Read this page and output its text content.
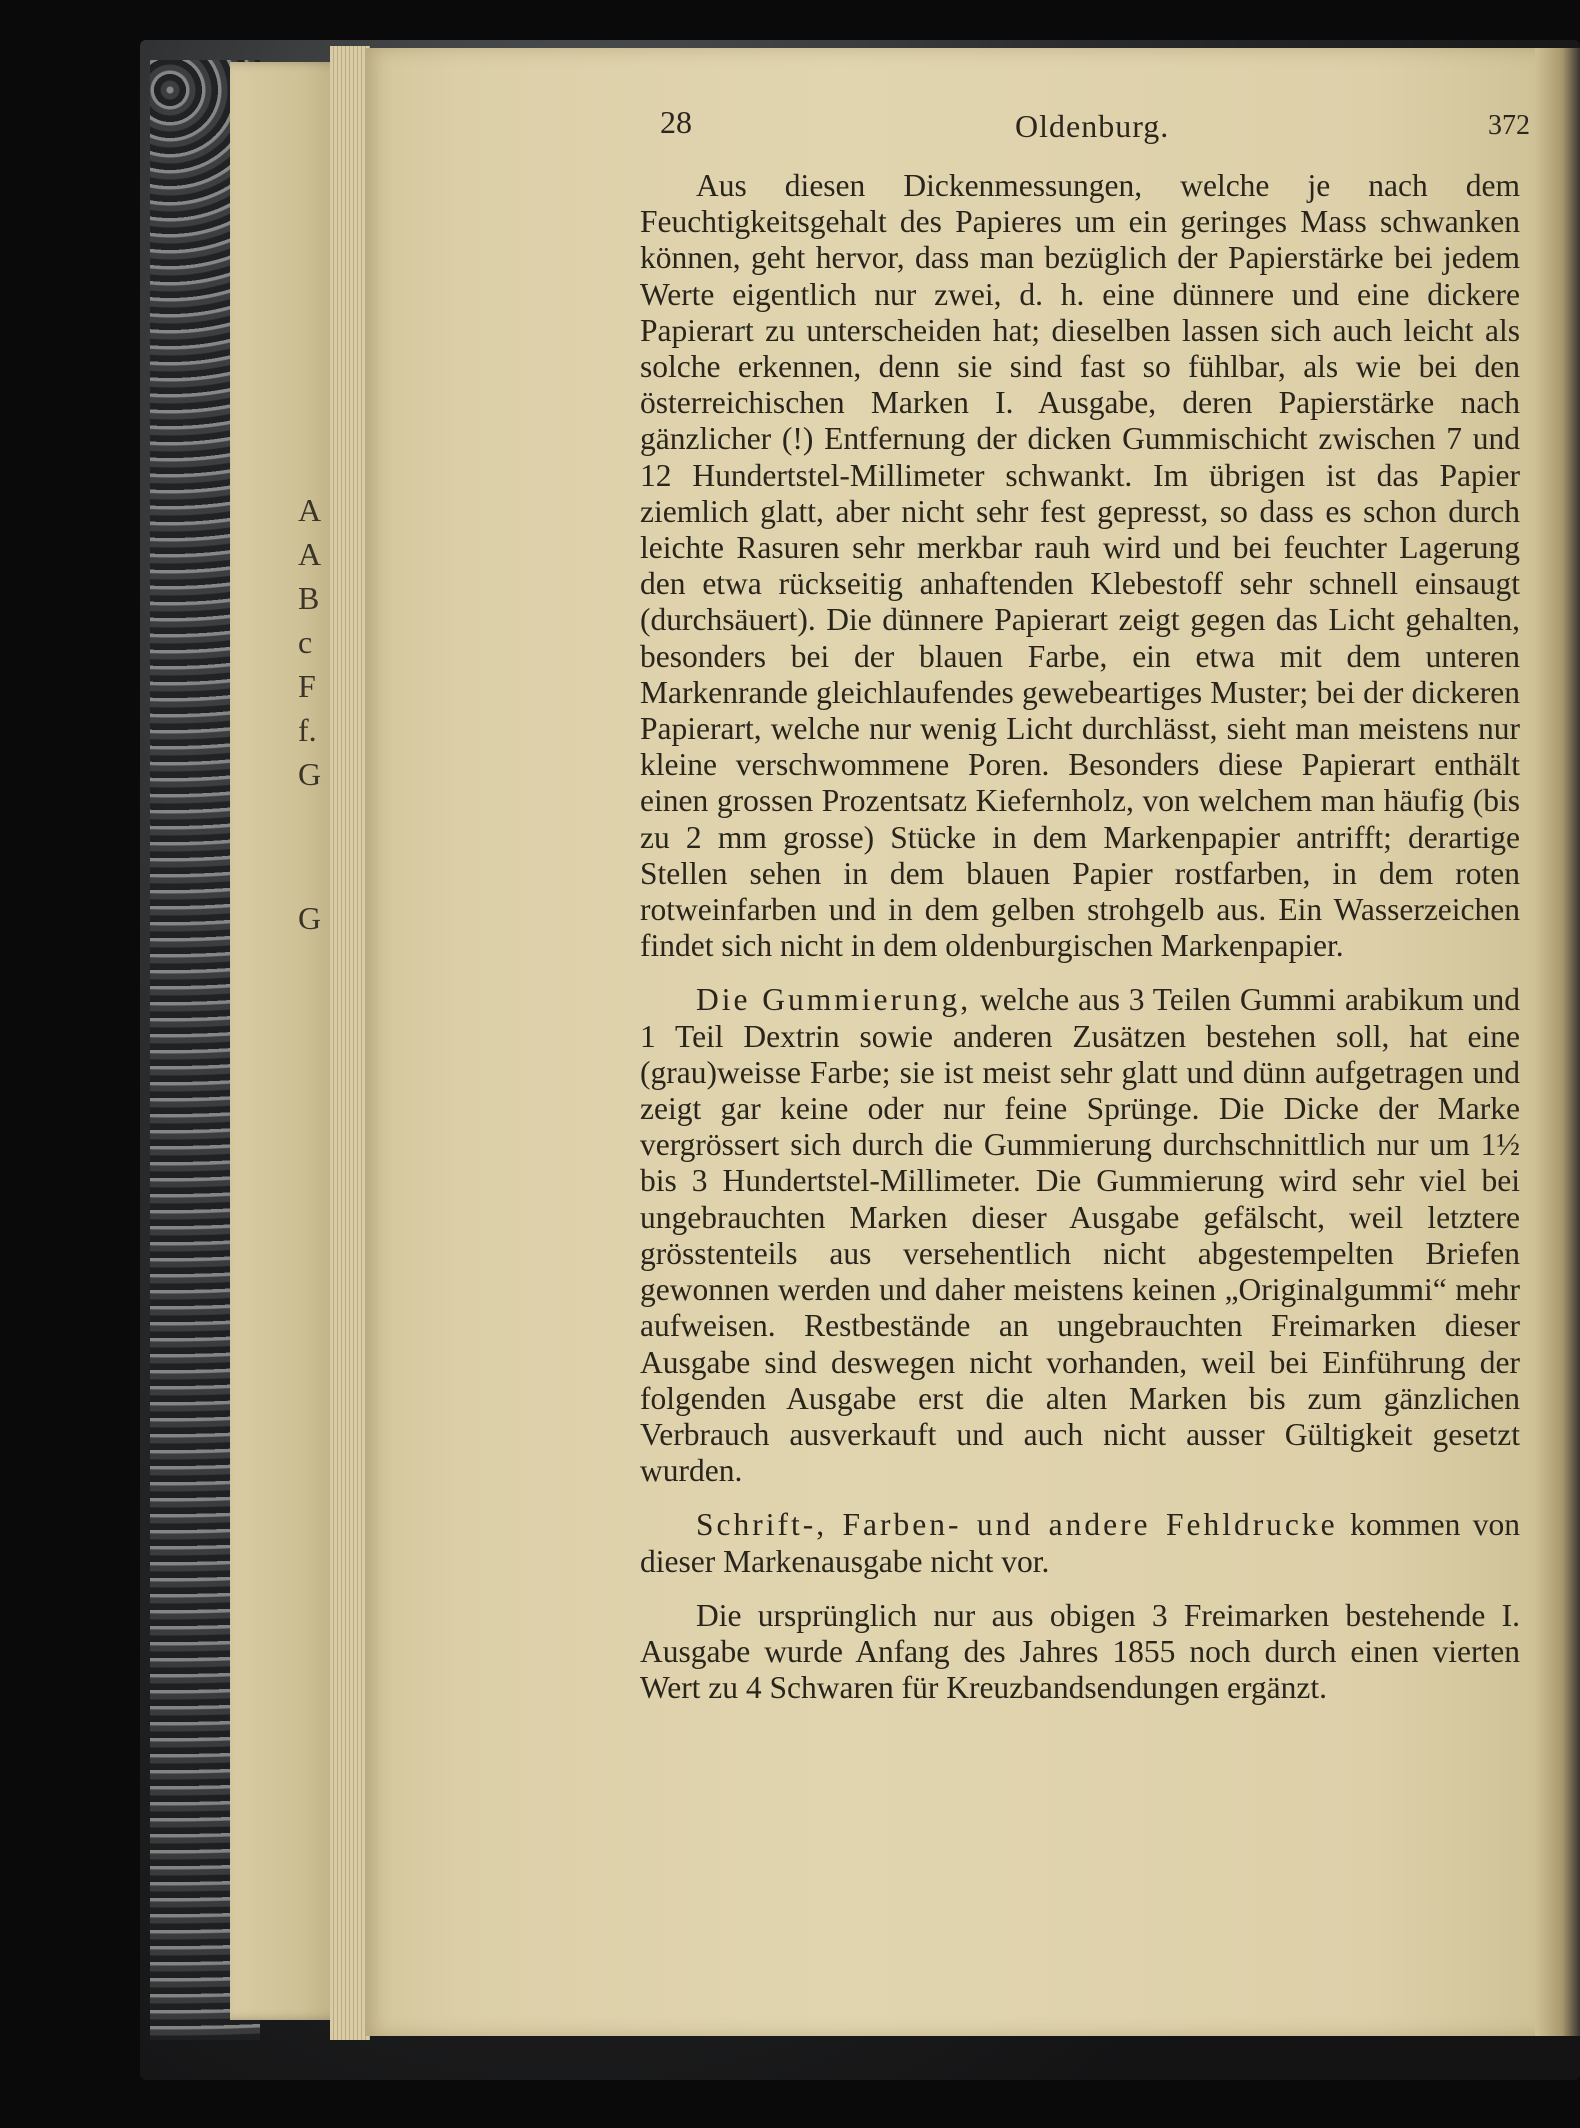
A
A
B
c
F
f.
G
G
28	Oldenburg.	372

Aus diesen Dickenmessungen, welche je nach dem Feuchtigkeitsgehalt des Papieres um ein geringes Mass schwanken können, geht hervor, dass man bezüglich der Papierstärke bei jedem Werte eigentlich nur zwei, d. h. eine dünnere und eine dickere Papierart zu unterscheiden hat; dieselben lassen sich auch leicht als solche erkennen, denn sie sind fast so fühlbar, als wie bei den österreichischen Marken I. Ausgabe, deren Papierstärke nach gänzlicher (!) Entfernung der dicken Gummischicht zwischen 7 und 12 Hundertstel-Millimeter schwankt. Im übrigen ist das Papier ziemlich glatt, aber nicht sehr fest gepresst, so dass es schon durch leichte Rasuren sehr merkbar rauh wird und bei feuchter Lagerung den etwa rückseitig anhaftenden Klebestoff sehr schnell einsaugt (durchsäuert). Die dünnere Papierart zeigt gegen das Licht gehalten, besonders bei der blauen Farbe, ein etwa mit dem unteren Markenrande gleichlaufendes gewebeartiges Muster; bei der dickeren Papierart, welche nur wenig Licht durchlässt, sieht man meistens nur kleine verschwommene Poren. Besonders diese Papierart enthält einen grossen Prozentsatz Kiefernholz, von welchem man häufig (bis zu 2 mm grosse) Stücke in dem Markenpapier antrifft; derartige Stellen sehen in dem blauen Papier rostfarben, in dem roten rotweinfarben und in dem gelben strohgelb aus. Ein Wasserzeichen findet sich nicht in dem oldenburgischen Markenpapier.

Die Gummierung, welche aus 3 Teilen Gummi arabikum und 1 Teil Dextrin sowie anderen Zusätzen bestehen soll, hat eine (grau)weisse Farbe; sie ist meist sehr glatt und dünn aufgetragen und zeigt gar keine oder nur feine Sprünge. Die Dicke der Marke vergrössert sich durch die Gummierung durchschnittlich nur um 1½ bis 3 Hundertstel-Millimeter. Die Gummierung wird sehr viel bei ungebrauchten Marken dieser Ausgabe gefälscht, weil letztere grösstenteils aus versehentlich nicht abgestempelten Briefen gewonnen werden und daher meistens keinen „Originalgummi“ mehr aufweisen. Restbestände an ungebrauchten Freimarken dieser Ausgabe sind deswegen nicht vorhanden, weil bei Einführung der folgenden Ausgabe erst die alten Marken bis zum gänzlichen Verbrauch ausverkauft und auch nicht ausser Gültigkeit gesetzt wurden.

Schrift-, Farben- und andere Fehldrucke kommen von dieser Markenausgabe nicht vor.

Die ursprünglich nur aus obigen 3 Freimarken bestehende I. Ausgabe wurde Anfang des Jahres 1855 noch durch einen vierten Wert zu 4 Schwaren für Kreuzbandsendungen ergänzt.
